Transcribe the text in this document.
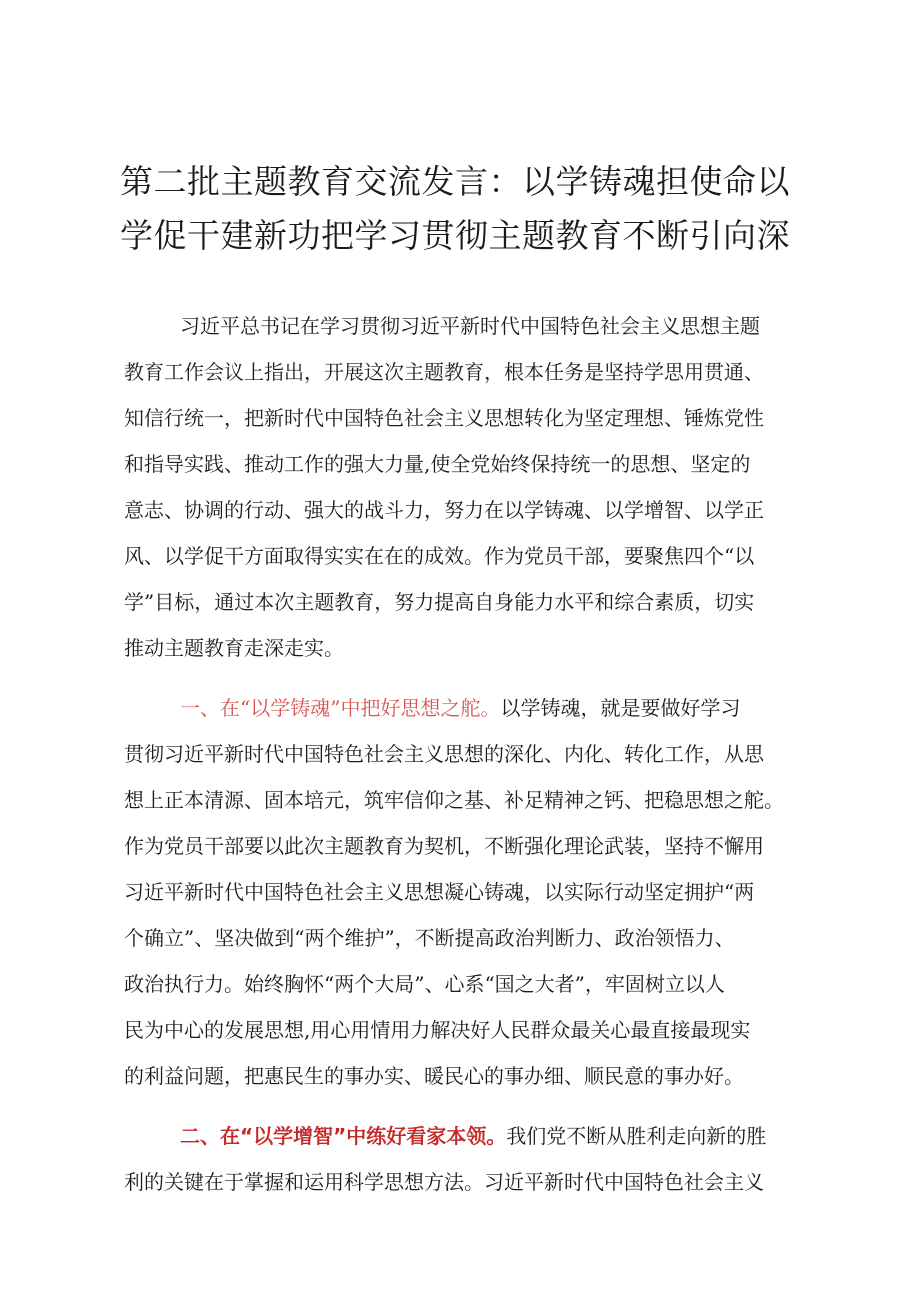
第二批主题教育交流发言：以学铸魂担使命以
学促干建新功把学习贯彻主题教育不断引向深

习近平总书记在学习贯彻习近平新时代中国特色社会主义思想主题
教育工作会议上指出，开展这次主题教育，根本任务是坚持学思用贯通、
知信行统一，把新时代中国特色社会主义思想转化为坚定理想、锤炼党性
和指导实践、推动工作的强大力量,使全党始终保持统一的思想、坚定的
意志、协调的行动、强大的战斗力，努力在以学铸魂、以学增智、以学正
风、以学促干方面取得实实在在的成效。作为党员干部，要聚焦四个“以
学”目标，通过本次主题教育，努力提高自身能力水平和综合素质，切实
推动主题教育走深走实。

一、在“以学铸魂”中把好思想之舵。以学铸魂，就是要做好学习
贯彻习近平新时代中国特色社会主义思想的深化、内化、转化工作，从思
想上正本清源、固本培元，筑牢信仰之基、补足精神之钙、把稳思想之舵。
作为党员干部要以此次主题教育为契机，不断强化理论武装，坚持不懈用
习近平新时代中国特色社会主义思想凝心铸魂，以实际行动坚定拥护“两
个确立”、坚决做到“两个维护”，不断提高政治判断力、政治领悟力、
政治执行力。始终胸怀“两个大局”、心系“国之大者”，牢固树立以人
民为中心的发展思想,用心用情用力解决好人民群众最关心最直接最现实
的利益问题，把惠民生的事办实、暖民心的事办细、顺民意的事办好。

二、在“以学增智”中练好看家本领。我们党不断从胜利走向新的胜
利的关键在于掌握和运用科学思想方法。习近平新时代中国特色社会主义
